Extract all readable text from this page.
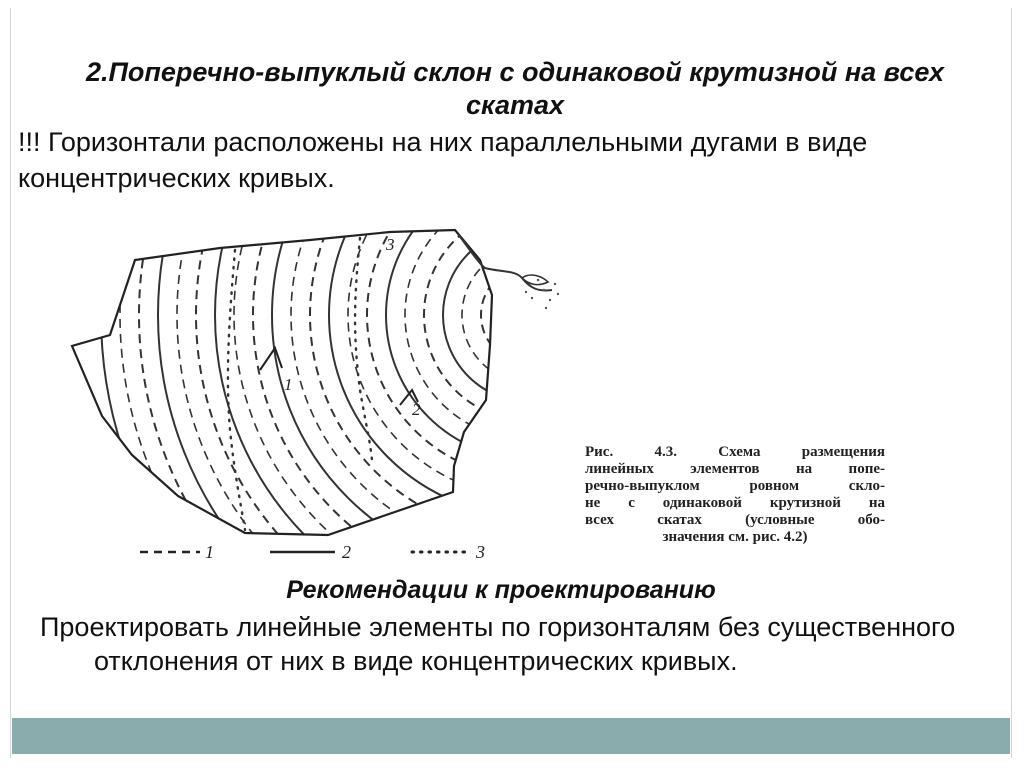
2.Поперечно-выпуклый склон с одинаковой крутизной на всех скатах
!!! Горизонтали расположены на них параллельными дугами в виде концентрических кривых.
1
2
3
1	2	3
Рис. 4.3. Схема размещения
линейных элементов на попе-
речно-выпуклом ровном скло-
не с одинаковой крутизной на
всех скатах (условные обо-
значения см. рис. 4.2)
Рекомендации к проектированию
Проектировать линейные элементы по горизонталям без существенного отклонения от них в виде концентрических кривых.
